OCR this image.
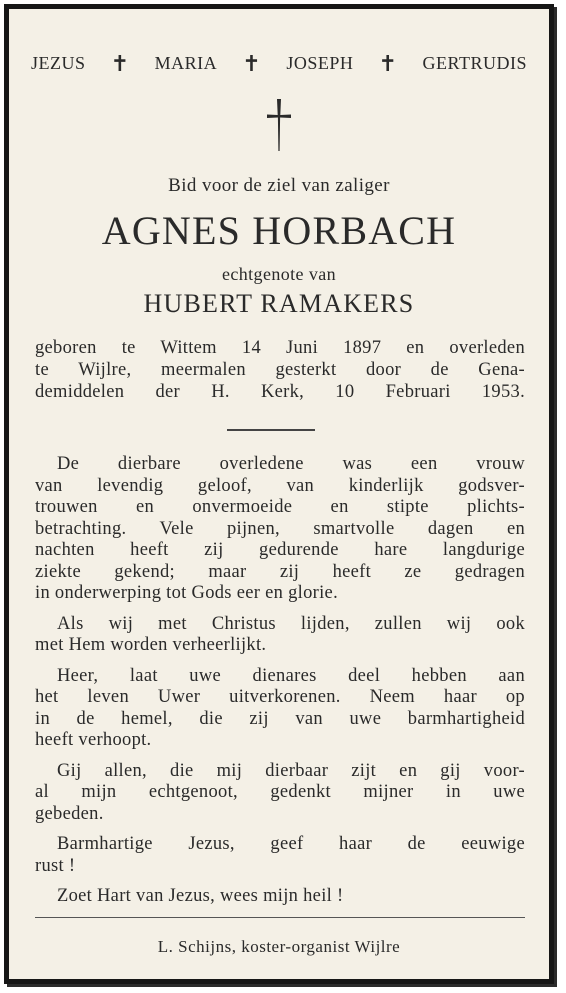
JEZUS ✝ MARIA ✝ JOSEPH ✝ GERTRUDIS
Bid voor de ziel van zaliger
AGNES HORBACH
echtgenote van
HUBERT RAMAKERS
geboren te Wittem 14 Juni 1897 en overleden
te Wijlre, meermalen gesterkt door de Gena-
demiddelen der H. Kerk, 10 Februari 1953.
De dierbare overledene was een vrouw
van levendig geloof, van kinderlijk godsver-
trouwen en onvermoeide en stipte plichts-
betrachting. Vele pijnen, smartvolle dagen en
nachten heeft zij gedurende hare langdurige
ziekte gekend; maar zij heeft ze gedragen
in onderwerping tot Gods eer en glorie.
Als wij met Christus lijden, zullen wij ook
met Hem worden verheerlijkt.
Heer, laat uwe dienares deel hebben aan
het leven Uwer uitverkorenen. Neem haar op
in de hemel, die zij van uwe barmhartigheid
heeft verhoopt.
Gij allen, die mij dierbaar zijt en gij voor-
al mijn echtgenoot, gedenkt mijner in uwe
gebeden.
Barmhartige Jezus, geef haar de eeuwige
rust !
Zoet Hart van Jezus, wees mijn heil !
L. Schijns, koster-organist Wijlre
